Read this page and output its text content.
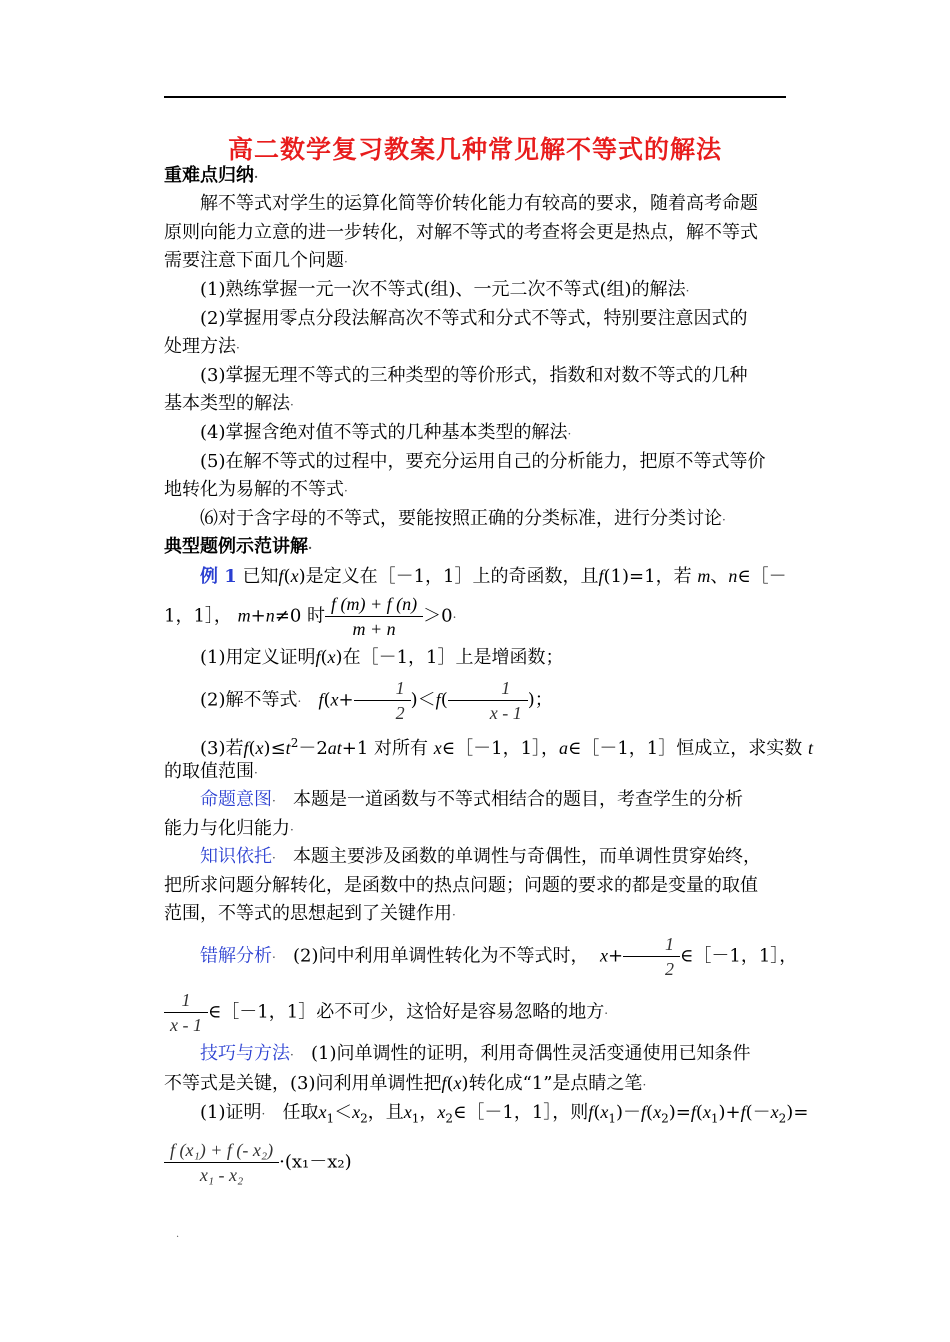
高二数学复习教案几种常见解不等式的解法
重难点归纳·
解不等式对学生的运算化简等价转化能力有较高的要求，随着高考命题
原则向能力立意的进一步转化，对解不等式的考查将会更是热点，解不等式
需要注意下面几个问题·
(1)熟练掌握一元一次不等式(组)、一元二次不等式(组)的解法·
(2)掌握用零点分段法解高次不等式和分式不等式，特别要注意因式的
处理方法·
(3)掌握无理不等式的三种类型的等价形式，指数和对数不等式的几种
基本类型的解法·
(4)掌握含绝对值不等式的几种基本类型的解法·
(5)在解不等式的过程中，要充分运用自己的分析能力，把原不等式等价
地转化为易解的不等式·
⑹对于含字母的不等式，要能按照正确的分类标准，进行分类讨论·
典型题例示范讲解·
例 1 已知f(x)是定义在［－1，1］上的奇函数，且f(1)=1，若 m、n∈［－
1，1］， m+n≠0 时 $\frac{f (m) + f (n)}{m + n} >0\cdot$
(1)用定义证明f(x)在［－1，1］上是增函数；
(2)解不等式· $f(x+ \frac{1}{2} )<f( \frac{1}{x - 1}$ )；
(3)若$f(x)\le t^2-2at+1$ 对所有 x∈［－1，1］，a∈［－1，1］恒成立，求实数 t
的取值范围·
命题意图· 本题是一道函数与不等式相结合的题目，考查学生的分析
能力与化归能力·
知识依托· 本题主要涉及函数的单调性与奇偶性，而单调性贯穿始终，
把所求问题分解转化，是函数中的热点问题；问题的要求的都是变量的取值
范围，不等式的思想起到了关键作用·
错解分析· (2)问中利用单调性转化为不等式时， $x+ \frac{1}{2}$ ∈［－1，1］，
$\frac{1}{x - 1}$ ∈［－1，1］必不可少，这恰好是容易忽略的地方·
技巧与方法· (1)问单调性的证明，利用奇偶性灵活变通使用已知条件
不等式是关键，(3)问利用单调性把f(x)转化成“1”是点睛之笔·
(1)证明· 任取$x_1<x_2$，且$x_1$，$x_2\in[-1$，1］，则$f(x_1)-f(x_2)=f(x_1)+f(-x_2)=$
$\frac{\text{f (x₁) + f (- x₂)}}{\text{x₁ - x₂}} \cdot(x_1-x_2)$
·
